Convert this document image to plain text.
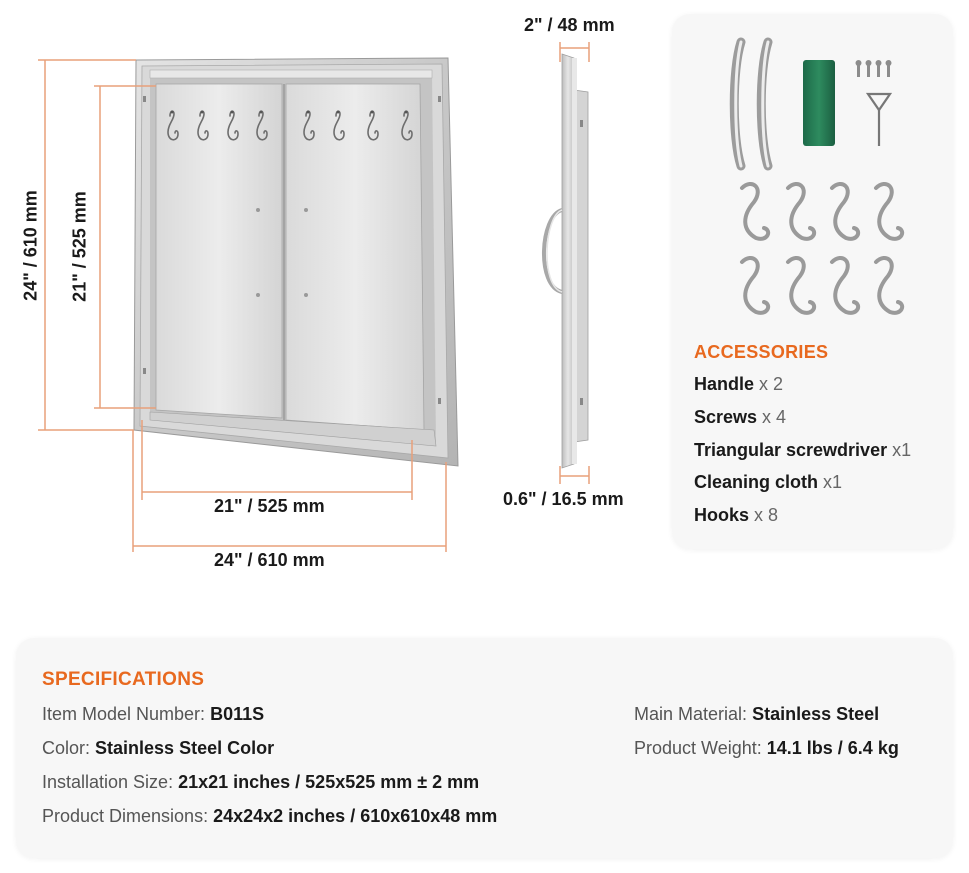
24" / 610 mm 21" / 525 mm
21" / 525 mm
24" / 610 mm
2" / 48 mm
0.6" / 16.5 mm
ACCESSORIES
Handle x 2
Screws x 4
Triangular screwdriver x1
Cleaning cloth x1
Hooks x 8
SPECIFICATIONS
Item Model Number: B011S
Color: Stainless Steel Color
Installation Size: 21x21 inches / 525x525 mm ± 2 mm
Product Dimensions: 24x24x2 inches / 610x610x48 mm
Main Material: Stainless Steel
Product Weight: 14.1 lbs / 6.4 kg
